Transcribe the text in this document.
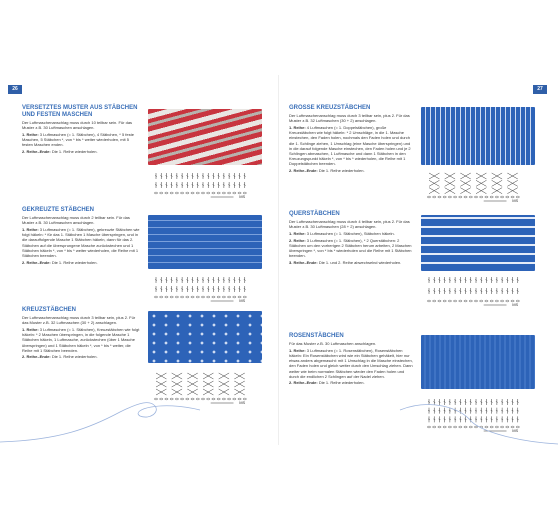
26
VERSETZTES MUSTER AUS STÄBCHEN
UND FESTEN MASCHEN

Der Luftmaschenanschlag muss durch 10 teilbar sein. Für das Muster z.B. 30 Luftmaschen anschlagen.

1. Reihe: 3 Luftmaschen (= 1. Stäbchen), 4 Stäbchen, * 5 feste Maschen, 5 Stäbchen *, von * bis * weiter wiederholen, mit 5 festen Maschen enden.

2. Reihe–Ende: Die 1. Reihe wiederholen.

MS
GEKREUZTE STÄBCHEN

Der Luftmaschenanschlag muss durch 2 teilbar sein. Für das Muster z.B. 30 Luftmaschen anschlagen.

1. Reihe: 3 Luftmaschen (= 1. Stäbchen), gekreuzte Stäbchen wie folgt häkeln: * für das 1. Stäbchen 1 Masche überspringen, und in die darauffolgende Masche 1 Stäbchen häkeln, dann für das 2. Stäbchen auf die übersprungene Masche zurückstechen und 1 Stäbchen häkeln *, von * bis * weiter wiederholen, die Reihe mit 1 Stäbchen beenden.

2. Reihe–Ende: Die 1. Reihe wiederholen.

MS
KREUZSTÄBCHEN

Der Luftmaschenanschlag muss durch 3 teilbar sein, plus 2. Für das Muster z.B. 32 Luftmaschen (30 + 2) anschlagen.

1. Reihe: 3 Luftmaschen (= 1. Stäbchen), Kreuzstäbchen wie folgt häkeln: * 2 Maschen überspringen, in die folgende Masche 1 Stäbchen häkeln, 1 Luftmasche, zurückstechen (über 1 Masche überspringen) und 1 Stäbchen häkeln *, von * bis * weiter, die Reihe mit 1 Stäbchen beenden.

2. Reihe–Ende: Die 1. Reihe wiederholen.

MS
27
GROSSE KREUZSTÄBCHEN

Der Luftmaschenanschlag muss durch 3 teilbar sein, plus 2. Für das Muster z.B. 32 Luftmaschen (30 + 2) anschlagen.

1. Reihe: 4 Luftmaschen (= 1. Doppelstäbchen), große Kreuzstäbchen wie folgt häkeln: * 2 Umschläge, in die 1. Masche einstechen, den Faden holen, nochmals den Faden holen und durch die 1. Schlinge ziehen, 1 Umschlag (eine Masche überspringen) und in die darauf folgende Masche einstechen, den Faden holen und je 2 Schlingen abmaschen, 1 Luftmasche und dann 1 Stäbchen in den Kreuzungspunkt häkeln *, von * bis * wiederholen, die Reihe mit 1 Doppelstäbchen beenden.

2. Reihe–Ende: Die 1. Reihe wiederholen.

MS
QUERSTÄBCHEN

Der Luftmaschenanschlag muss durch 4 teilbar sein, plus 2. Für das Muster z.B. 30 Luftmaschen (28 + 2) anschlagen.

1. Reihe: 3 Luftmaschen (= 1. Stäbchen), Stäbchen häkeln.

2. Reihe: 3 Luftmaschen (= 1. Stäbchen), * 2 Querstäbchen: 2 Stäbchen um den vorherigen 2 Stäbchen herum arbeiten, 2 Maschen überspringen *, von * bis * wiederholen und die Reihe mit 1 Stäbchen beenden.

3. Reihe–Ende: Die 1. und 2. Reihe abwechselnd wiederholen.

MS
ROSENSTÄBCHEN

Für das Muster z.B. 30 Luftmaschen anschlagen.

1. Reihe: 3 Luftmaschen (= 1. Rosenstäbchen), Rosenstäbchen häkeln: Ein Rosenstäbchen wird wie ein Stäbchen gehäkelt, hier nur etwas anders abgemascht: mit 1 Umschlag in die Masche einstechen, den Faden holen und gleich weiter durch den Umschlag ziehen. Dann weiter wie beim normalen Stäbchen wieder den Faden holen und durch die endlichen 2 Schlingen auf der Nadel ziehen.

2. Reihe–Ende: Die 1. Reihe wiederholen.

MS
